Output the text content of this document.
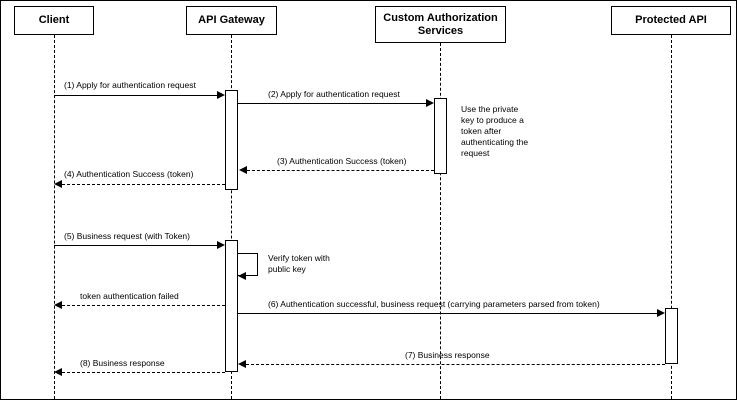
Client	API Gateway	Custom Authorization Services
Protected API
(1) Apply for authentication request
(2) Apply for authentication request
Use the private key to produce a token after authenticating the request
(3) Authentication Success (token)
(4) Authentication Success (token)
(5) Business request (with Token)
Verify token with public key
token authentication failed
(6) Authentication successful, business request (carrying parameters parsed from token)
(7) Business response
(8) Business response
